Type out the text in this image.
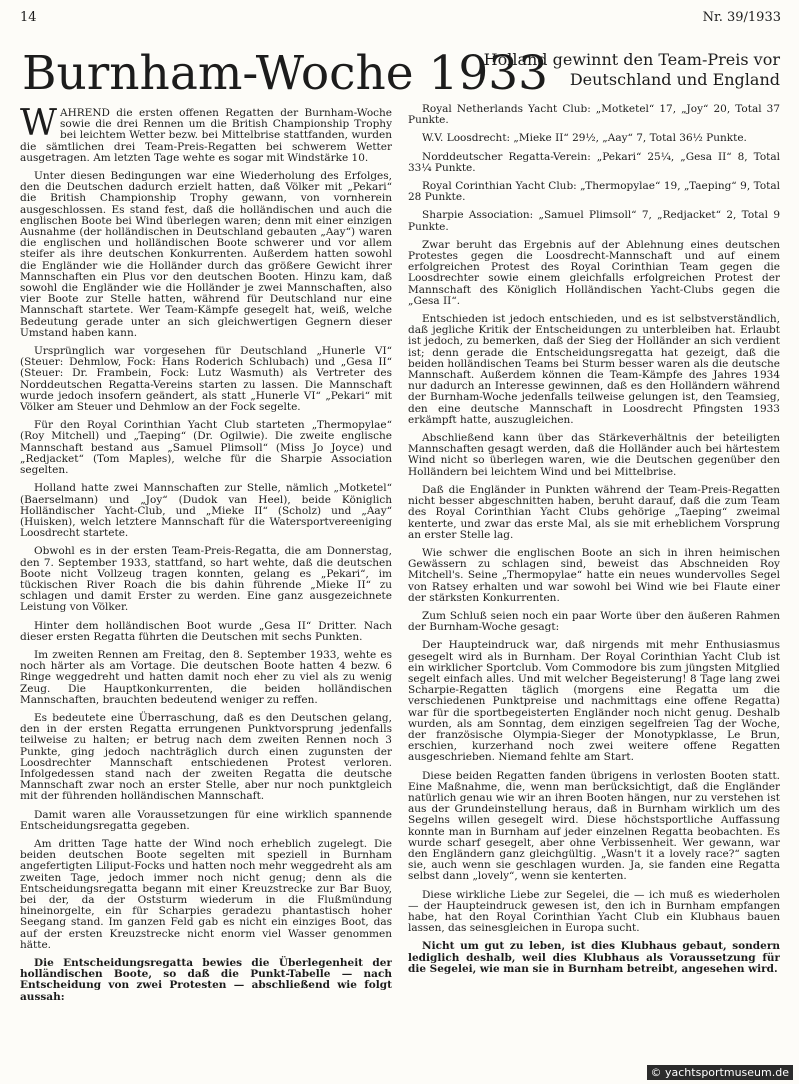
14	Nr. 39/1933
Burnham-Woche 1933
Holland gewinnt den Team-Preis vor Deutschland und England

WÄHREND die ersten offenen Regatten der Burnham-Woche sowie die drei Rennen um die British Championship Trophy bei leichtem Wetter bezw. bei Mittelbrise stattfanden, wurden die sämtlichen drei Team-Preis-Regatten bei schwerem Wetter ausgetragen. Am letzten Tage wehte es sogar mit Windstärke 10.

Unter diesen Bedingungen war eine Wiederholung des Erfolges, den die Deutschen dadurch erzielt hatten, daß Völker mit „Pekari“ die British Championship Trophy gewann, von vornherein ausgeschlossen. Es stand fest, daß die holländischen und auch die englischen Boote bei Wind überlegen waren; denn mit einer einzigen Ausnahme (der holländischen in Deutschland gebauten „Aay“) waren die englischen und holländischen Boote schwerer und vor allem steifer als ihre deutschen Konkurrenten. Außerdem hatten sowohl die Engländer wie die Holländer durch das größere Gewicht ihrer Mannschaften ein Plus vor den deutschen Booten. Hinzu kam, daß sowohl die Engländer wie die Holländer je zwei Mannschaften, also vier Boote zur Stelle hatten, während für Deutschland nur eine Mannschaft startete. Wer Team-Kämpfe gesegelt hat, weiß, welche Bedeutung gerade unter an sich gleichwertigen Gegnern dieser Umstand haben kann.

Ursprünglich war vorgesehen für Deutschland „Hunerle VI“ (Steuer: Dehmlow, Fock: Hans Roderich Schlubach) und „Gesa II“ (Steuer: Dr. Frambein, Fock: Lutz Wasmuth) als Vertreter des Norddeutschen Regatta-Vereins starten zu lassen. Die Mannschaft wurde jedoch insofern geändert, als statt „Hunerle VI“ „Pekari“ mit Völker am Steuer und Dehmlow an der Fock segelte.

Für den Royal Corinthian Yacht Club starteten „Thermopylae“ (Roy Mitchell) und „Taeping“ (Dr. Ogilwie). Die zweite englische Mannschaft bestand aus „Samuel Plimsoll“ (Miss Jo Joyce) und „Redjacket“ (Tom Maples), welche für die Sharpie Association segelten.

Holland hatte zwei Mannschaften zur Stelle, nämlich „Motketel“ (Baerselmann) und „Joy“ (Dudok van Heel), beide Königlich Holländischer Yacht-Club, und „Mieke II“ (Scholz) und „Aay“ (Huisken), welch letztere Mannschaft für die Watersportvereeniging Loosdrecht startete.

Obwohl es in der ersten Team-Preis-Regatta, die am Donnerstag, den 7. September 1933, stattfand, so hart wehte, daß die deutschen Boote nicht Vollzeug tragen konnten, gelang es „Pekari“, im tückischen River Roach die bis dahin führende „Mieke II“ zu schlagen und damit Erster zu werden. Eine ganz ausgezeichnete Leistung von Völker.

Hinter dem holländischen Boot wurde „Gesa II“ Dritter. Nach dieser ersten Regatta führten die Deutschen mit sechs Punkten.

Im zweiten Rennen am Freitag, den 8. September 1933, wehte es noch härter als am Vortage. Die deutschen Boote hatten 4 bezw. 6 Ringe weggedreht und hatten damit noch eher zu viel als zu wenig Zeug. Die Hauptkonkurrenten, die beiden holländischen Mannschaften, brauchten bedeutend weniger zu reffen.

Es bedeutete eine Überraschung, daß es den Deutschen gelang, den in der ersten Regatta errungenen Punktvorsprung jedenfalls teilweise zu halten; er betrug nach dem zweiten Rennen noch 3 Punkte, ging jedoch nachträglich durch einen zugunsten der Loosdrechter Mannschaft entschiedenen Protest verloren. Infolgedessen stand nach der zweiten Regatta die deutsche Mannschaft zwar noch an erster Stelle, aber nur noch punktgleich mit der führenden holländischen Mannschaft.

Damit waren alle Voraussetzungen für eine wirklich spannende Entscheidungsregatta gegeben.

Am dritten Tage hatte der Wind noch erheblich zugelegt. Die beiden deutschen Boote segelten mit speziell in Burnham angefertigten Liliput-Focks und hatten noch mehr weggedreht als am zweiten Tage, jedoch immer noch nicht genug; denn als die Entscheidungsregatta begann mit einer Kreuzstrecke zur Bar Buoy, bei der, da der Oststurm wiederum in die Flußmündung hineinorgelte, ein für Scharpies geradezu phantastisch hoher Seegang stand. Im ganzen Feld gab es nicht ein einziges Boot, das auf der ersten Kreuzstrecke nicht enorm viel Wasser genommen hätte.

Die Entscheidungsregatta bewies die Überlegenheit der holländischen Boote, so daß die Punkt-Tabelle — nach Entscheidung von zwei Protesten — abschließend wie folgt aussah:

Royal Netherlands Yacht Club: „Motketel“ 17, „Joy“ 20, Total 37 Punkte.

W.V. Loosdrecht: „Mieke II“ 29½, „Aay“ 7, Total 36½ Punkte.

Norddeutscher Regatta-Verein: „Pekari“ 25¼, „Gesa II“ 8, Total 33¼ Punkte.

Royal Corinthian Yacht Club: „Thermopylae“ 19, „Taeping“ 9, Total 28 Punkte.

Sharpie Association: „Samuel Plimsoll“ 7, „Redjacket“ 2, Total 9 Punkte.

Zwar beruht das Ergebnis auf der Ablehnung eines deutschen Protestes gegen die Loosdrecht-Mannschaft und auf einem erfolgreichen Protest des Royal Corinthian Team gegen die Loosdrechter sowie einem gleichfalls erfolgreichen Protest der Mannschaft des Königlich Holländischen Yacht-Clubs gegen die „Gesa II“.

Entschieden ist jedoch entschieden, und es ist selbstverständlich, daß jegliche Kritik der Entscheidungen zu unterbleiben hat. Erlaubt ist jedoch, zu bemerken, daß der Sieg der Holländer an sich verdient ist; denn gerade die Entscheidungsregatta hat gezeigt, daß die beiden holländischen Teams bei Sturm besser waren als die deutsche Mannschaft. Außerdem können die Team-Kämpfe des Jahres 1934 nur dadurch an Interesse gewinnen, daß es den Holländern während der Burnham-Woche jedenfalls teilweise gelungen ist, den Teamsieg, den eine deutsche Mannschaft in Loosdrecht Pfingsten 1933 erkämpft hatte, auszugleichen.

Abschließend kann über das Stärkeverhältnis der beteiligten Mannschaften gesagt werden, daß die Holländer auch bei härtestem Wind nicht so überlegen waren, wie die Deutschen gegenüber den Holländern bei leichtem Wind und bei Mittelbrise.

Daß die Engländer in Punkten während der Team-Preis-Regatten nicht besser abgeschnitten haben, beruht darauf, daß die zum Team des Royal Corinthian Yacht Clubs gehörige „Taeping“ zweimal kenterte, und zwar das erste Mal, als sie mit erheblichem Vorsprung an erster Stelle lag.

Wie schwer die englischen Boote an sich in ihren heimischen Gewässern zu schlagen sind, beweist das Abschneiden Roy Mitchell's. Seine „Thermopylae“ hatte ein neues wundervolles Segel von Ratsey erhalten und war sowohl bei Wind wie bei Flaute einer der stärksten Konkurrenten.

Zum Schluß seien noch ein paar Worte über den äußeren Rahmen der Burnham-Woche gesagt:

Der Haupteindruck war, daß nirgends mit mehr Enthusiasmus gesegelt wird als in Burnham. Der Royal Corinthian Yacht Club ist ein wirklicher Sportclub. Vom Commodore bis zum jüngsten Mitglied segelt einfach alles. Und mit welcher Begeisterung! 8 Tage lang zwei Scharpie-Regatten täglich (morgens eine Regatta um die verschiedenen Punktpreise und nachmittags eine offene Regatta) war für die sportbegeisterten Engländer noch nicht genug. Deshalb wurden, als am Sonntag, dem einzigen segelfreien Tag der Woche, der französische Olympia-Sieger der Monotypklasse, Le Brun, erschien, kurzerhand noch zwei weitere offene Regatten ausgeschrieben. Niemand fehlte am Start.

Diese beiden Regatten fanden übrigens in verlosten Booten statt. Eine Maßnahme, die, wenn man berücksichtigt, daß die Engländer natürlich genau wie wir an ihren Booten hängen, nur zu verstehen ist aus der Grundeinstellung heraus, daß in Burnham wirklich um des Segelns willen gesegelt wird. Diese höchstsportliche Auffassung konnte man in Burnham auf jeder einzelnen Regatta beobachten. Es wurde scharf gesegelt, aber ohne Verbissenheit. Wer gewann, war den Engländern ganz gleichgültig. „Wasn't it a lovely race?“ sagten sie, auch wenn sie geschlagen wurden. Ja, sie fanden eine Regatta selbst dann „lovely“, wenn sie kenterten.

Diese wirkliche Liebe zur Segelei, die — ich muß es wiederholen — der Haupteindruck gewesen ist, den ich in Burnham empfangen habe, hat den Royal Corinthian Yacht Club ein Klubhaus bauen lassen, das seinesgleichen in Europa sucht.

Nicht um gut zu leben, ist dies Klubhaus gebaut, sondern lediglich deshalb, weil dies Klubhaus als Voraussetzung für die Segelei, wie man sie in Burnham betreibt, angesehen wird.

© yachtsportmuseum.de
